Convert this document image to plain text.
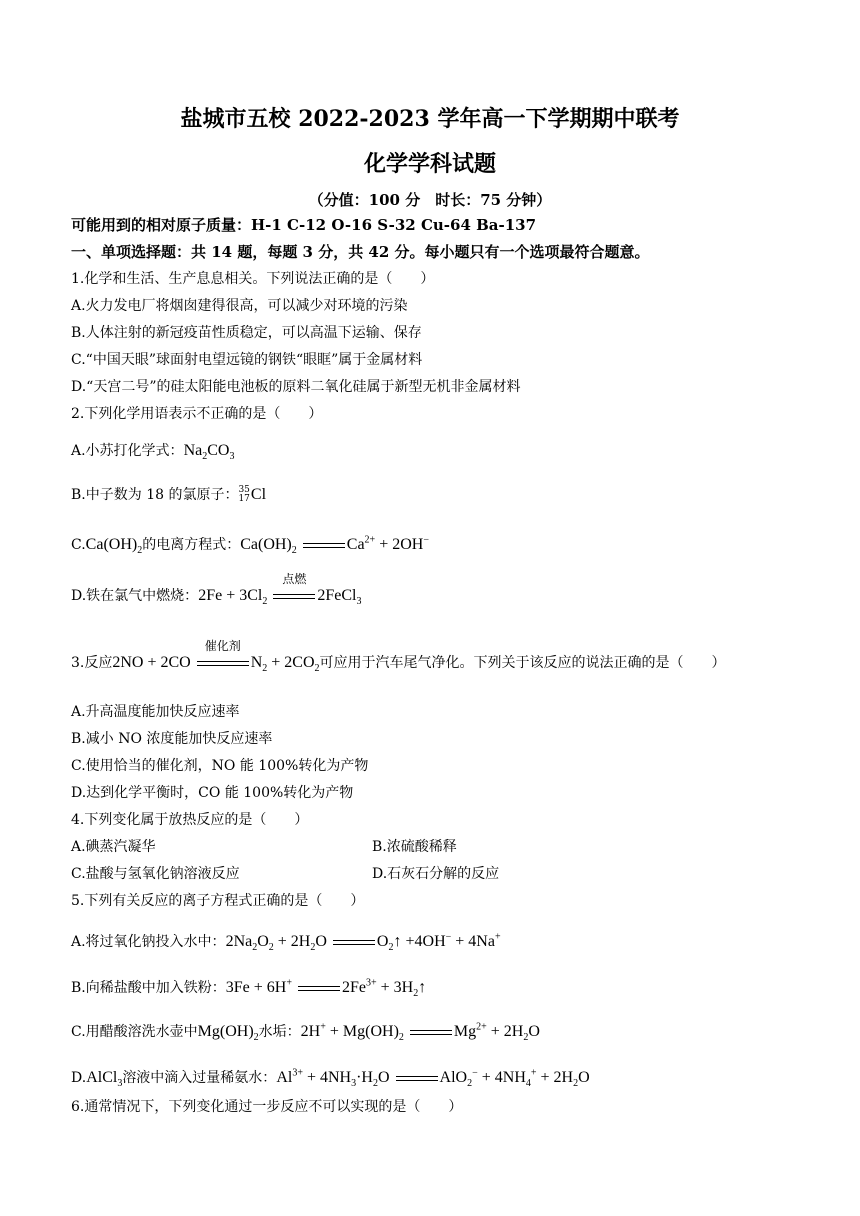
盐城市五校 2022-2023 学年高一下学期期中联考
化学学科试题
（分值：100 分　时长：75 分钟）
可能用到的相对原子质量：H-1 C-12 O-16 S-32 Cu-64 Ba-137
一、单项选择题：共 14 题，每题 3 分，共 42 分。每小题只有一个选项最符合题意。
1.化学和生活、生产息息相关。下列说法正确的是（　　）
A.火力发电厂将烟囱建得很高，可以减少对环境的污染
B.人体注射的新冠疫苗性质稳定，可以高温下运输、保存
C.“中国天眼”球面射电望远镜的钢铁“眼眶”属于金属材料
D.“天宫二号”的硅太阳能电池板的原料二氧化硅属于新型无机非金属材料
2.下列化学用语表示不正确的是（　　）
A.小苏打化学式：$Na_2CO_3$
B.中子数为 18 的氯原子：35
17Cl
$C.Ca(OH)_2$的电离方程式：$Ca(OH)_2$	$Ca^{2+} + 2OH^-$
D.铁在氯气中燃烧：$2Fe + 3Cl_2$
点燃
2FeCl$_3$
3.反应2NO + 2CO
催化剂
$N_2 + 2CO_2$可应用于汽车尾气净化。下列关于该反应的说法正确的是（　　）
A.升高温度能加快反应速率
B.减小 NO 浓度能加快反应速率
C.使用恰当的催化剂，NO 能 100%转化为产物
D.达到化学平衡时，CO 能 100%转化为产物
4.下列变化属于放热反应的是（　　）
A.碘蒸汽凝华	B.浓硫酸稀释
C.盐酸与氢氧化钠溶液反应	D.石灰石分解的反应
5.下列有关反应的离子方程式正确的是（　　）
A.将过氧化钠投入水中：$2Na_2O_2 + 2H_2O$	$O_2↑ +4OH^- + 4Na^+$
B.向稀盐酸中加入铁粉：3Fe + 6H+	$2Fe^{3+}$ + $3H_2↑$
C.用醋酸溶洗水壶中$Mg(OH)_2$水垢：$2H^+ + Mg(OH)_2$	$Mg^{2+} + 2H_2O$
D.AlCl$_3$溶液中滴入过量稀氨水：$Al^{3+} + 4NH_3\cdot H_2O$	$AlO_2^- + 4NH_4^+ + 2H_2O$
6.通常情况下，下列变化通过一步反应不可以实现的是（　　）
